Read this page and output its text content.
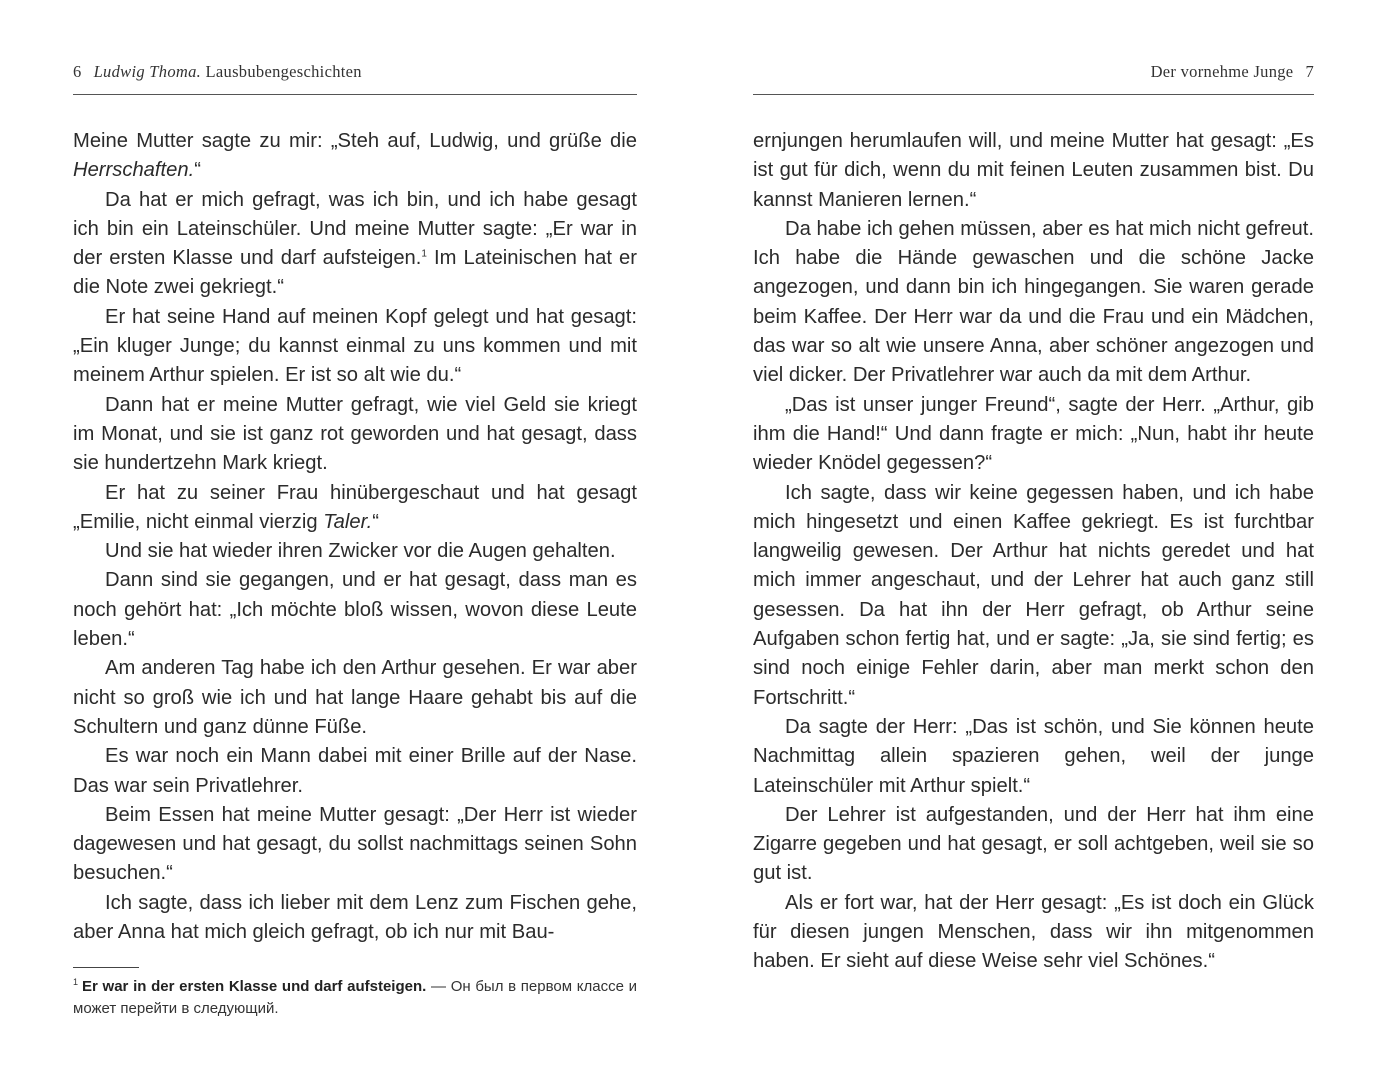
6 Ludwig Thoma. Lausbubengeschichten

Meine Mutter sagte zu mir: „Steh auf, Ludwig, und grüße die Herrschaften.“

Da hat er mich gefragt, was ich bin, und ich habe gesagt ich bin ein Lateinschüler. Und meine Mutter sagte: „Er war in der ersten Klasse und darf aufsteigen.$^1$ Im Lateinischen hat er die Note zwei gekriegt.“

Er hat seine Hand auf meinen Kopf gelegt und hat gesagt: „Ein kluger Junge; du kannst einmal zu uns kommen und mit meinem Arthur spielen. Er ist so alt wie du.“

Dann hat er meine Mutter gefragt, wie viel Geld sie kriegt im Monat, und sie ist ganz rot geworden und hat gesagt, dass sie hundertzehn Mark kriegt.

Er hat zu seiner Frau hinübergeschaut und hat gesagt „Emilie, nicht einmal vierzig Taler.“

Und sie hat wieder ihren Zwicker vor die Augen gehalten.

Dann sind sie gegangen, und er hat gesagt, dass man es noch gehört hat: „Ich möchte bloß wissen, wovon diese Leute leben.“

Am anderen Tag habe ich den Arthur gesehen. Er war aber nicht so groß wie ich und hat lange Haare gehabt bis auf die Schultern und ganz dünne Füße.

Es war noch ein Mann dabei mit einer Brille auf der Nase. Das war sein Privatlehrer.

Beim Essen hat meine Mutter gesagt: „Der Herr ist wieder dagewesen und hat gesagt, du sollst nachmittags seinen Sohn besuchen.“

Ich sagte, dass ich lieber mit dem Lenz zum Fischen gehe, aber Anna hat mich gleich gefragt, ob ich nur mit Bau-

$^1$ Er war in der ersten Klasse und darf aufsteigen. — Он был в первом классе и может перейти в следующий.
Der vornehme Junge 7

ernjungen herumlaufen will, und meine Mutter hat gesagt: „Es ist gut für dich, wenn du mit feinen Leuten zusammen bist. Du kannst Manieren lernen.“

Da habe ich gehen müssen, aber es hat mich nicht gefreut. Ich habe die Hände gewaschen und die schöne Jacke angezogen, und dann bin ich hingegangen. Sie waren gerade beim Kaffee. Der Herr war da und die Frau und ein Mädchen, das war so alt wie unsere Anna, aber schöner angezogen und viel dicker. Der Privatlehrer war auch da mit dem Arthur.

„Das ist unser junger Freund“, sagte der Herr. „Arthur, gib ihm die Hand!“ Und dann fragte er mich: „Nun, habt ihr heute wieder Knödel gegessen?“

Ich sagte, dass wir keine gegessen haben, und ich habe mich hingesetzt und einen Kaffee gekriegt. Es ist furchtbar langweilig gewesen. Der Arthur hat nichts geredet und hat mich immer angeschaut, und der Lehrer hat auch ganz still gesessen. Da hat ihn der Herr gefragt, ob Arthur seine Aufgaben schon fertig hat, und er sagte: „Ja, sie sind fertig; es sind noch einige Fehler darin, aber man merkt schon den Fortschritt.“

Da sagte der Herr: „Das ist schön, und Sie können heute Nachmittag allein spazieren gehen, weil der junge Lateinschüler mit Arthur spielt.“

Der Lehrer ist aufgestanden, und der Herr hat ihm eine Zigarre gegeben und hat gesagt, er soll achtgeben, weil sie so gut ist.

Als er fort war, hat der Herr gesagt: „Es ist doch ein Glück für diesen jungen Menschen, dass wir ihn mitgenommen haben. Er sieht auf diese Weise sehr viel Schönes.“
